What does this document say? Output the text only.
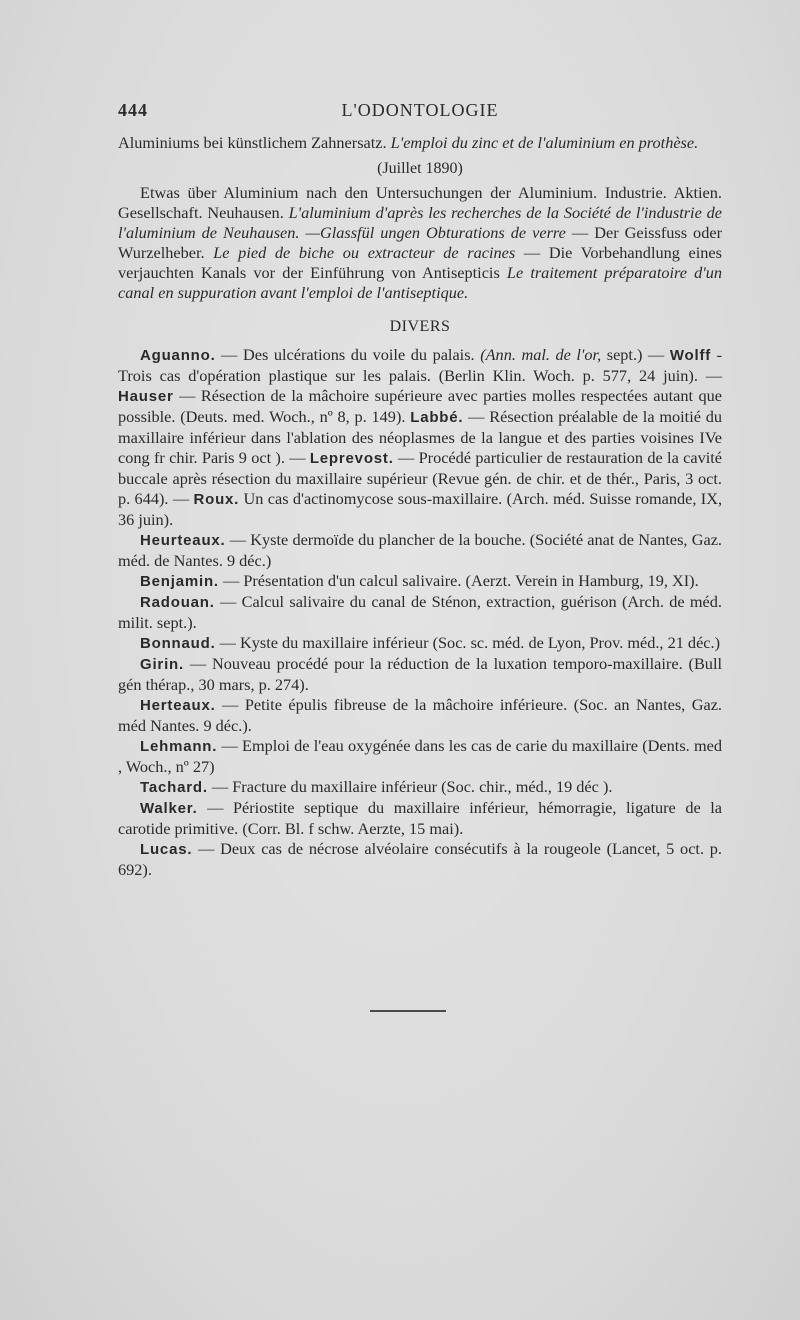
444	L'ODONTOLOGIE

Aluminiums bei künstlichem Zahnersatz. L'emploi du zinc et de l'aluminium en prothèse.

(Juillet 1890)

Etwas über Aluminium nach den Untersuchungen der Aluminium. Industrie. Aktien. Gesellschaft. Neuhausen. L'aluminium d'après les recherches de la Société de l'industrie de l'aluminium de Neuhausen. —Glassfül ungen Obturations de verre — Der Geissfuss oder Wurzelheber. Le pied de biche ou extracteur de racines — Die Vorbehandlung eines verjauchten Kanals vor der Einführung von Antisepticis Le traitement préparatoire d'un canal en suppuration avant l'emploi de l'antiseptique.

DIVERS

Aguanno. — Des ulcérations du voile du palais. (Ann. mal. de l'or, sept.) — Wolff - Trois cas d'opération plastique sur les palais. (Berlin Klin. Woch. p. 577, 24 juin). — Hauser — Résection de la mâchoire supérieure avec parties molles respectées autant que possible. (Deuts. med. Woch., nº 8, p. 149). Labbé. — Résection préalable de la moitié du maxillaire inférieur dans l'ablation des néoplasmes de la langue et des parties voisines IVe cong fr chir. Paris 9 oct ). — Leprevost. — Procédé particulier de restauration de la cavité buccale après résection du maxillaire supérieur (Revue gén. de chir. et de thér., Paris, 3 oct. p. 644). — Roux. Un cas d'actinomycose sous-maxillaire. (Arch. méd. Suisse romande, IX, 36 juin).

Heurteaux. — Kyste dermoïde du plancher de la bouche. (Société anat de Nantes, Gaz. méd. de Nantes. 9 déc.)

Benjamin. — Présentation d'un calcul salivaire. (Aerzt. Verein in Hamburg, 19, XI).

Radouan. — Calcul salivaire du canal de Sténon, extraction, guérison (Arch. de méd. milit. sept.).

Bonnaud. — Kyste du maxillaire inférieur (Soc. sc. méd. de Lyon, Prov. méd., 21 déc.)

Girin. — Nouveau procédé pour la réduction de la luxation temporo-maxillaire. (Bull gén thérap., 30 mars, p. 274).

Herteaux. — Petite épulis fibreuse de la mâchoire inférieure. (Soc. an Nantes, Gaz. méd Nantes. 9 déc.).

Lehmann. — Emploi de l'eau oxygénée dans les cas de carie du maxillaire (Dents. med , Woch., nº 27)

Tachard. — Fracture du maxillaire inférieur (Soc. chir., méd., 19 déc ).

Walker. — Périostite septique du maxillaire inférieur, hémorragie, ligature de la carotide primitive. (Corr. Bl. f schw. Aerzte, 15 mai).

Lucas. — Deux cas de nécrose alvéolaire consécutifs à la rougeole (Lancet, 5 oct. p. 692).
